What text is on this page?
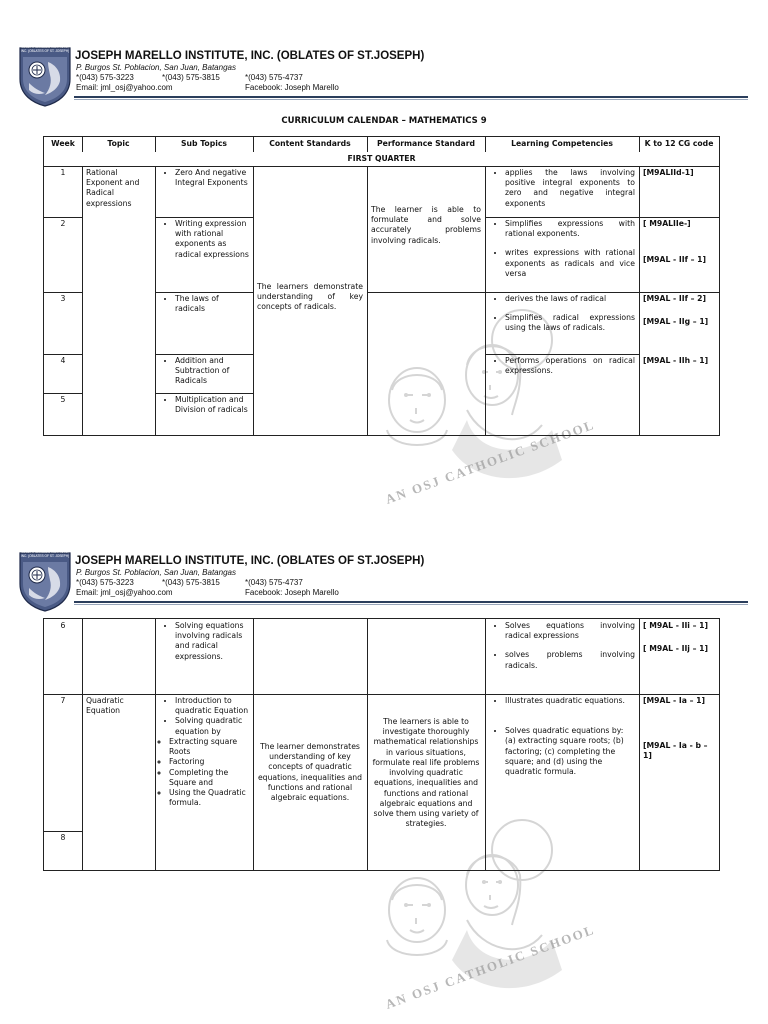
JOSEPH MARELLO INSTITUTE, INC. (OBLATES OF ST. JOSEPH) JOSEPH MARELLO INSTITUTE, INC. (OBLATES OF ST.JOSEPH)
P. Burgos St. Poblacion, San Juan, Batangas
*(043) 575-3223	*(043) 575-3815	*(043) 575-4737
Email: jml_osj@yahoo.com	Facebook: Joseph Marello
CURRICULUM CALENDAR – MATHEMATICS 9
AN OSJ CATHOLIC SCHOOL
Week	Topic	Sub Topics	Content Standards	Performance Standard	Learning Competencies	K to 12 CG code
FIRST QUARTER
1
2
3
4
5
Rational Exponent and Radical expressions
• Zero And negative Integral Exponents
• Writing expression with rational exponents as radical expressions
• The laws of radicals
• Addition and Subtraction of Radicals
• Multiplication and Division of radicals
The learners demonstrate understanding of key concepts of radicals.
The learner is able to formulate and solve accurately problems involving radicals.
• applies the laws involving positive integral exponents to zero and negative integral exponents
• Simplifies expressions with rational exponents.
• writes expressions with rational exponents as radicals and vice versa
• derives the laws of radical
• Simplifies radical expressions using the laws of radicals.
• Performs operations on radical expressions.
[M9ALIId-1]
[ M9ALIIe-]
[M9AL - IIf – 1]
[M9AL - IIf – 2]
[M9AL - IIg – 1]
[M9AL - IIh – 1]
JOSEPH MARELLO INSTITUTE, INC. (OBLATES OF ST. JOSEPH) JOSEPH MARELLO INSTITUTE, INC. (OBLATES OF ST.JOSEPH)
P. Burgos St. Poblacion, San Juan, Batangas
*(043) 575-3223	*(043) 575-3815	*(043) 575-4737
Email: jml_osj@yahoo.com	Facebook: Joseph Marello
AN OSJ CATHOLIC SCHOOL
6
•	Solving equations involving radicals and radical expressions.
• Solves equations involving radical expressions
• solves problems involving radicals.
[ M9AL - IIi – 1]
[ M9AL - IIj – 1]
7
8
Quadratic Equation
• Introduction to quadratic Equation
• Solving quadratic equation by
◦ Extracting square Roots
◦ Factoring
◦ Completing the Square and
◦ Using the Quadratic formula.
The learner demonstrates understanding of key concepts of quadratic equations, inequalities and functions and rational algebraic equations.
The learners is able to investigate thoroughly mathematical relationships in various situations, formulate real life problems involving quadratic equations, inequalities and functions and rational algebraic equations and solve them using variety of strategies.
• Illustrates quadratic equations.
• Solves quadratic equations by: (a) extracting square roots; (b) factoring; (c) completing the square; and (d) using the quadratic formula.
[M9AL - Ia – 1]
[M9AL - Ia - b – 1]
